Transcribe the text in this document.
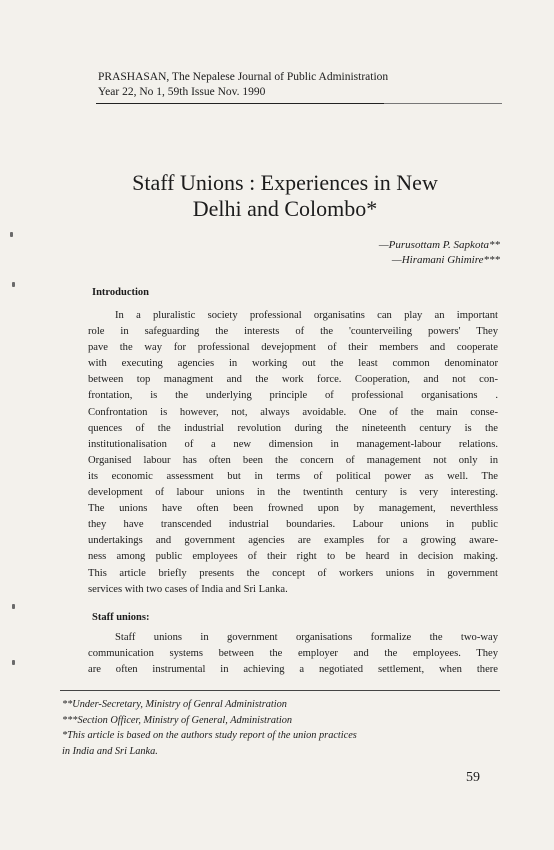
PRASHASAN, The Nepalese Journal of Public Administration
Year 22, No 1, 59th Issue Nov. 1990
Staff Unions : Experiences in New
Delhi and Colombo*
—Purusottam P. Sapkota**
—Hiramani Ghimire***
Introduction
In a pluralistic society professional organisatins can play an important
role in safeguarding the interests of the 'counterveiling powers' They
pave the way for professional devejopment of their members and cooperate
with executing agencies in working out the least common denominator
between top managment and the work force. Cooperation, and not con-
frontation, is the underlying principle of professional organisations .
Confrontation is however, not, always avoidable. One of the main conse-
quences of the industrial revolution during the nineteenth century is the
institutionalisation of a new dimension in management-labour relations.
Organised labour has often been the concern of management not only in
its economic assessment but in terms of political power as well. The
development of labour unions in the twentinth century is very interesting.
The unions have often been frowned upon by management, neverthless
they have transcended industrial boundaries. Labour unions in public
undertakings and government agencies are examples for a growing aware-
ness among public employees of their right to be heard in decision making.
This article briefly presents the concept of workers unions in government
services with two cases of India and Sri Lanka.
Staff unions:
Staff unions in government organisations formalize the two-way
communication systems between the employer and the employees. They
are often instrumental in achieving a negotiated settlement, when there
**Under-Secretary, Ministry of Genral Administration
***Section Officer, Ministry of General, Administration
*This article is based on the authors study report of the union practices
in India and Sri Lanka.
59
